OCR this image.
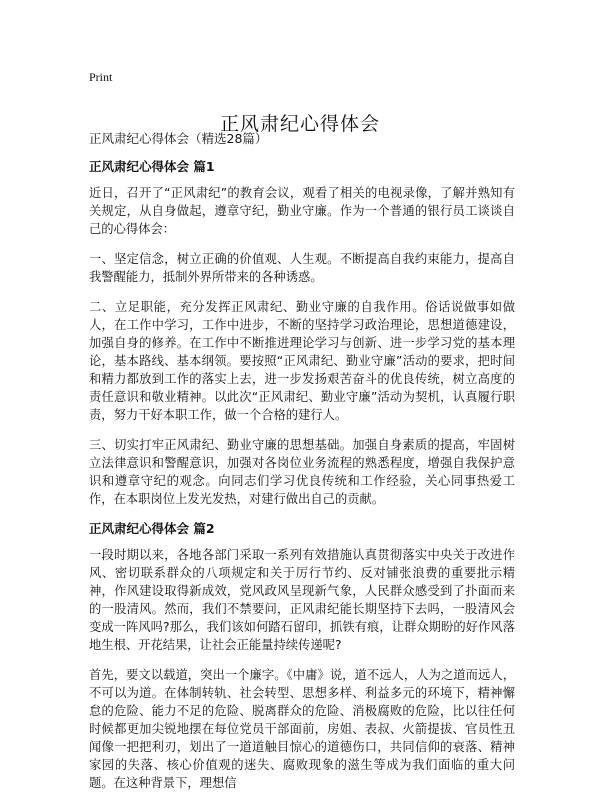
Print
正风肃纪心得体会
正风肃纪心得体会（精选28篇）
正风肃纪心得体会 篇1

近日，召开了“正风肃纪”的教育会议，观看了相关的电视录像，了解并熟知有关规定，从自身做起，遵章守纪，勤业守廉。作为一个普通的银行员工谈谈自己的心得体会：

一、坚定信念，树立正确的价值观、人生观。不断提高自我约束能力，提高自我警醒能力，抵制外界所带来的各种诱惑。

二、立足职能，充分发挥正风肃纪、勤业守廉的自我作用。俗话说做事如做人，在工作中学习，工作中进步，不断的坚持学习政治理论，思想道德建设，加强自身的修养。在工作中不断推进理论学习与创新、进一步学习党的基本理论，基本路线、基本纲领。要按照“正风肃纪、勤业守廉”活动的要求，把时间和精力都放到工作的落实上去，进一步发扬艰苦奋斗的优良传统，树立高度的责任意识和敬业精神。以此次“正风肃纪、勤业守廉”活动为契机，认真履行职责，努力干好本职工作，做一个合格的建行人。

三、切实打牢正风肃纪、勤业守廉的思想基础。加强自身素质的提高，牢固树立法律意识和警醒意识，加强对各岗位业务流程的熟悉程度，增强自我保护意识和遵章守纪的观念。向同志们学习优良传统和工作经验，关心同事热爱工作，在本职岗位上发光发热，对建行做出自己的贡献。

正风肃纪心得体会 篇2

一段时期以来，各地各部门采取一系列有效措施认真贯彻落实中央关于改进作风、密切联系群众的八项规定和关于厉行节约、反对铺张浪费的重要批示精神，作风建设取得新成效，党风政风呈现新气象，人民群众感受到了扑面而来的一股清风。然而，我们不禁要问，正风肃纪能长期坚持下去吗，一股清风会变成一阵风吗?那么，我们该如何踏石留印，抓铁有痕，让群众期盼的好作风落地生根、开花结果，让社会正能量持续传递呢?

首先，要文以载道，突出一个廉字。《中庸》说，道不远人，人为之道而远人，不可以为道。在体制转轨、社会转型、思想多样、利益多元的环境下，精神懈怠的危险、能力不足的危险、脱离群众的危险、消极腐败的危险，比以往任何时候都更加尖锐地摆在每位党员干部面前，房姐、表叔、火箭提拔、官员性丑闻像一把把利刃，划出了一道道触目惊心的道德伤口，共同信仰的衰落、精神家园的失落、核心价值观的迷失、腐败现象的滋生等成为我们面临的重大问题。在这种背景下，理想信
